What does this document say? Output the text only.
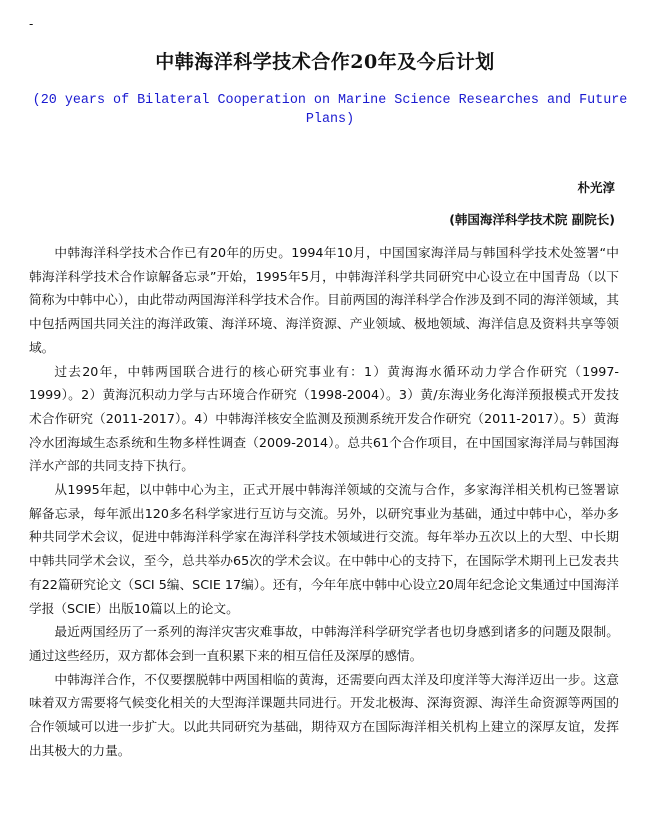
-
中韩海洋科学技术合作20年及今后计划
(20 years of Bilateral Cooperation on Marine Science Researches and Future Plans)
朴光淳
(韩国海洋科学技术院 副院长)

中韩海洋科学技术合作已有20年的历史。1994年10月，中国国家海洋局与韩国科学技术处签署“中韩海洋科学技术合作谅解备忘录”开始，1995年5月，中韩海洋科学共同研究中心设立在中国青岛（以下简称为中韩中心），由此带动两国海洋科学技术合作。目前两国的海洋科学合作涉及到不同的海洋领域，其中包括两国共同关注的海洋政策、海洋环境、海洋资源、产业领域、极地领域、海洋信息及资料共享等领域。

过去20年，中韩两国联合进行的核心研究事业有：1）黄海海水循环动力学合作研究（1997-1999）。2）黄海沉积动力学与古环境合作研究（1998-2004）。3）黄/东海业务化海洋预报模式开发技术合作研究（2011-2017）。4）中韩海洋核安全监测及预测系统开发合作研究（2011-2017）。5）黄海冷水团海域生态系统和生物多样性调查（2009-2014）。总共61个合作项目，在中国国家海洋局与韩国海洋水产部的共同支持下执行。

从1995年起，以中韩中心为主，正式开展中韩海洋领域的交流与合作，多家海洋相关机构已签署谅解备忘录，每年派出120多名科学家进行互访与交流。另外，以研究事业为基础，通过中韩中心，举办多种共同学术会议，促进中韩海洋科学家在海洋科学技术领域进行交流。每年举办五次以上的大型、中长期中韩共同学术会议，至今，总共举办65次的学术会议。在中韩中心的支持下，在国际学术期刊上已发表共有22篇研究论文（SCI 5编、SCIE 17编）。还有，今年年底中韩中心设立20周年纪念论文集通过中国海洋学报（SCIE）出版10篇以上的论文。

最近两国经历了一系列的海洋灾害灾难事故，中韩海洋科学研究学者也切身感到诸多的问题及限制。通过这些经历，双方都体会到一直积累下来的相互信任及深厚的感情。

中韩海洋合作，不仅要摆脱韩中两国相临的黄海，还需要向西太洋及印度洋等大海洋迈出一步。这意味着双方需要将气候变化相关的大型海洋课题共同进行。开发北极海、深海资源、海洋生命资源等两国的合作领域可以进一步扩大。以此共同研究为基础，期待双方在国际海洋相关机构上建立的深厚友谊，发挥出其极大的力量。
